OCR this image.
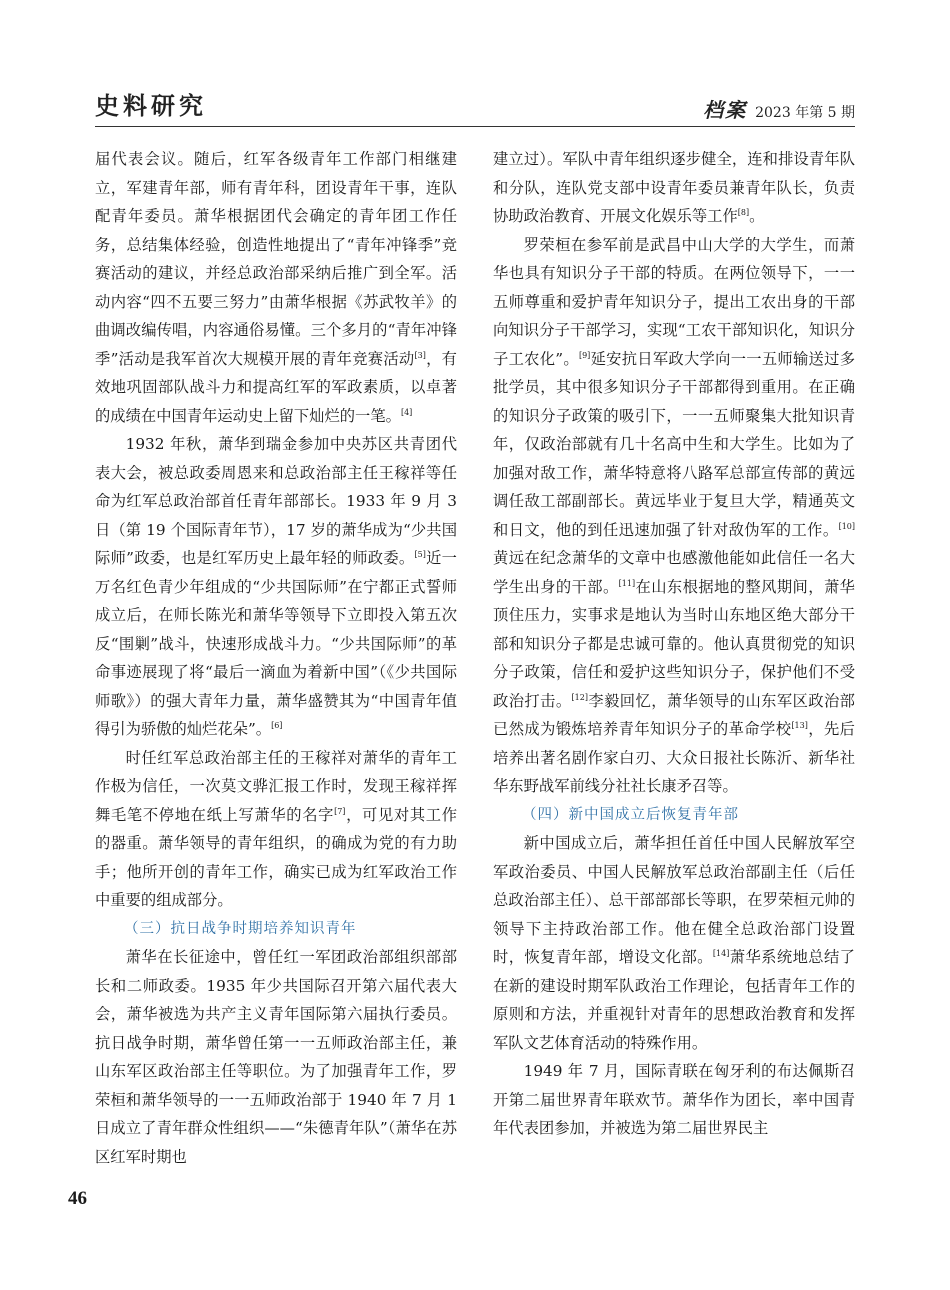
史料研究	档案 2023 年第 5 期

届代表会议。随后，红军各级青年工作部门相继建立，军建青年部，师有青年科，团设青年干事，连队配青年委员。萧华根据团代会确定的青年团工作任务，总结集体经验，创造性地提出了“青年冲锋季”竞赛活动的建议，并经总政治部采纳后推广到全军。活动内容“四不五要三努力”由萧华根据《苏武牧羊》的曲调改编传唱，内容通俗易懂。三个多月的“青年冲锋季”活动是我军首次大规模开展的青年竞赛活动[3]，有效地巩固部队战斗力和提高红军的军政素质，以卓著的成绩在中国青年运动史上留下灿烂的一笔。[4]

1932 年秋，萧华到瑞金参加中央苏区共青团代表大会，被总政委周恩来和总政治部主任王稼祥等任命为红军总政治部首任青年部部长。1933 年 9 月 3 日（第 19 个国际青年节），17 岁的萧华成为“少共国际师”政委，也是红军历史上最年轻的师政委。[5]近一万名红色青少年组成的“少共国际师”在宁都正式誓师成立后，在师长陈光和萧华等领导下立即投入第五次反“围剿”战斗，快速形成战斗力。“少共国际师”的革命事迹展现了将“最后一滴血为着新中国”（《少共国际师歌》）的强大青年力量，萧华盛赞其为“中国青年值得引为骄傲的灿烂花朵”。[6]

时任红军总政治部主任的王稼祥对萧华的青年工作极为信任，一次莫文骅汇报工作时，发现王稼祥挥舞毛笔不停地在纸上写萧华的名字[7]，可见对其工作的器重。萧华领导的青年组织，的确成为党的有力助手；他所开创的青年工作，确实已成为红军政治工作中重要的组成部分。

（三）抗日战争时期培养知识青年

萧华在长征途中，曾任红一军团政治部组织部部长和二师政委。1935 年少共国际召开第六届代表大会，萧华被选为共产主义青年国际第六届执行委员。抗日战争时期，萧华曾任第一一五师政治部主任，兼山东军区政治部主任等职位。为了加强青年工作，罗荣桓和萧华领导的一一五师政治部于 1940 年 7 月 1 日成立了青年群众性组织——“朱德青年队”（萧华在苏区红军时期也

建立过）。军队中青年组织逐步健全，连和排设青年队和分队，连队党支部中设青年委员兼青年队长，负责协助政治教育、开展文化娱乐等工作[8]。

罗荣桓在参军前是武昌中山大学的大学生，而萧华也具有知识分子干部的特质。在两位领导下，一一五师尊重和爱护青年知识分子，提出工农出身的干部向知识分子干部学习，实现“工农干部知识化，知识分子工农化”。[9]延安抗日军政大学向一一五师输送过多批学员，其中很多知识分子干部都得到重用。在正确的知识分子政策的吸引下，一一五师聚集大批知识青年，仅政治部就有几十名高中生和大学生。比如为了加强对敌工作，萧华特意将八路军总部宣传部的黄远调任敌工部副部长。黄远毕业于复旦大学，精通英文和日文，他的到任迅速加强了针对敌伪军的工作。[10]黄远在纪念萧华的文章中也感激他能如此信任一名大学生出身的干部。[11]在山东根据地的整风期间，萧华顶住压力，实事求是地认为当时山东地区绝大部分干部和知识分子都是忠诚可靠的。他认真贯彻党的知识分子政策，信任和爱护这些知识分子，保护他们不受政治打击。[12]李毅回忆，萧华领导的山东军区政治部已然成为锻炼培养青年知识分子的革命学校[13]，先后培养出著名剧作家白刃、大众日报社长陈沂、新华社华东野战军前线分社社长康矛召等。

（四）新中国成立后恢复青年部

新中国成立后，萧华担任首任中国人民解放军空军政治委员、中国人民解放军总政治部副主任（后任总政治部主任）、总干部部部长等职，在罗荣桓元帅的领导下主持政治部工作。他在健全总政治部门设置时，恢复青年部，增设文化部。[14]萧华系统地总结了在新的建设时期军队政治工作理论，包括青年工作的原则和方法，并重视针对青年的思想政治教育和发挥军队文艺体育活动的特殊作用。

1949 年 7 月，国际青联在匈牙利的布达佩斯召开第二届世界青年联欢节。萧华作为团长，率中国青年代表团参加，并被选为第二届世界民主

46
